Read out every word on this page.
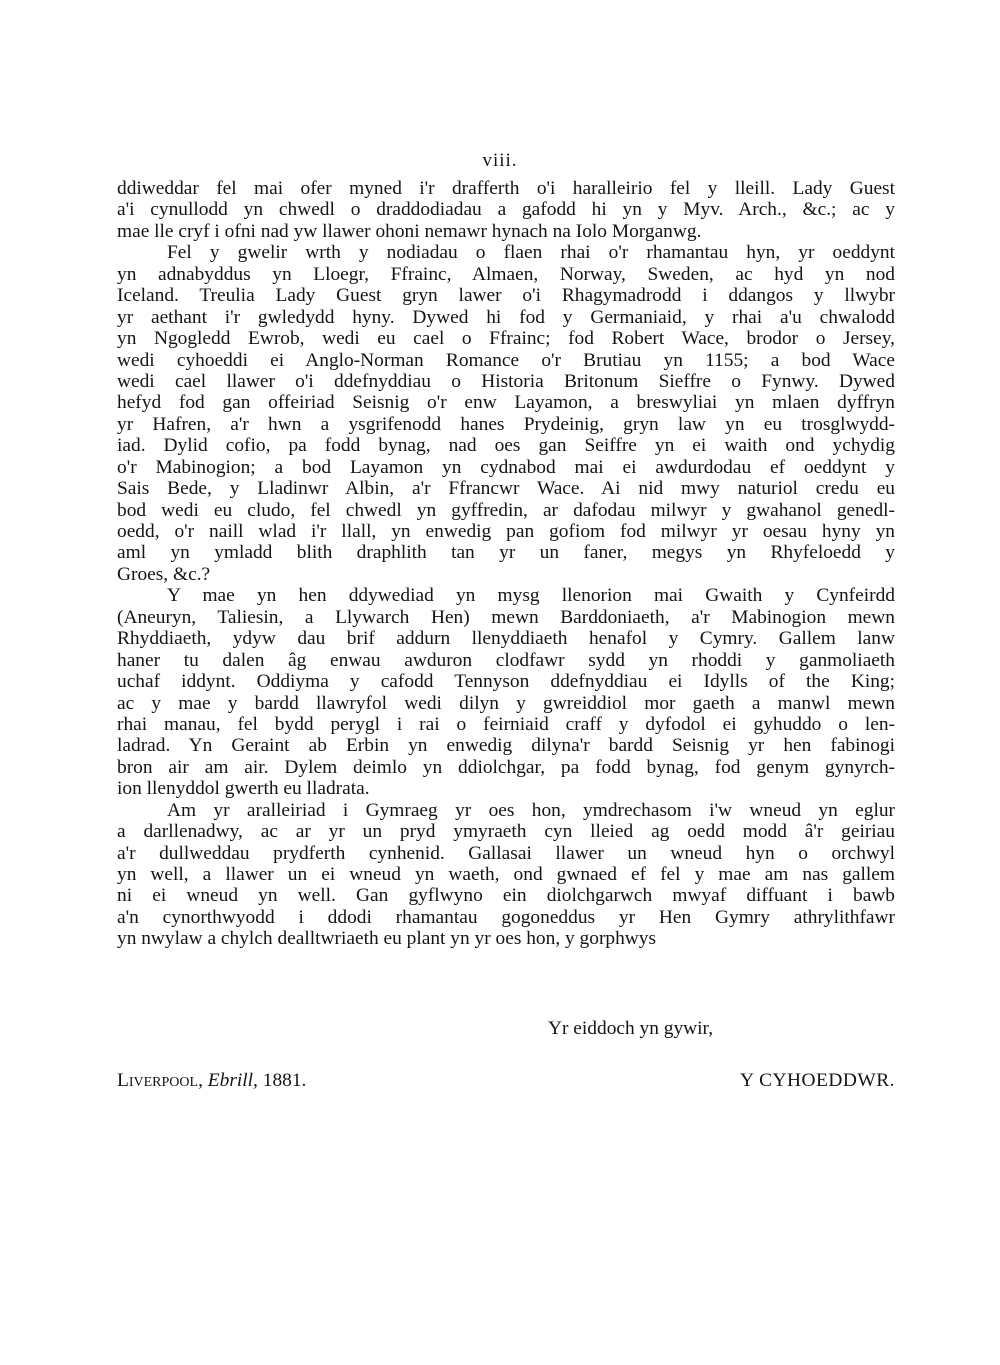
viii.
ddiweddar fel mai ofer myned i'r drafferth o'i haralleirio fel y lleill. Lady Guest
a'i cynullodd yn chwedl o draddodiadau a gafodd hi yn y Myv. Arch., &c.; ac y
mae lle cryf i ofni nad yw llawer ohoni nemawr hynach na Iolo Morganwg.
Fel y gwelir wrth y nodiadau o flaen rhai o'r rhamantau hyn, yr oeddynt
yn adnabyddus yn Lloegr, Ffrainc, Almaen, Norway, Sweden, ac hyd yn nod
Iceland. Treulia Lady Guest gryn lawer o'i Rhagymadrodd i ddangos y llwybr
yr aethant i'r gwledydd hyny. Dywed hi fod y Germaniaid, y rhai a'u chwalodd
yn Ngogledd Ewrob, wedi eu cael o Ffrainc; fod Robert Wace, brodor o Jersey,
wedi cyhoeddi ei Anglo-Norman Romance o'r Brutiau yn 1155; a bod Wace
wedi cael llawer o'i ddefnyddiau o Historia Britonum Sieffre o Fynwy. Dywed
hefyd fod gan offeiriad Seisnig o'r enw Layamon, a breswyliai yn mlaen dyffryn
yr Hafren, a'r hwn a ysgrifenodd hanes Prydeinig, gryn law yn eu trosglwydd-
iad. Dylid cofio, pa fodd bynag, nad oes gan Seiffre yn ei waith ond ychydig
o'r Mabinogion; a bod Layamon yn cydnabod mai ei awdurdodau ef oeddynt y
Sais Bede, y Lladinwr Albin, a'r Ffrancwr Wace. Ai nid mwy naturiol credu eu
bod wedi eu cludo, fel chwedl yn gyffredin, ar dafodau milwyr y gwahanol genedl-
oedd, o'r naill wlad i'r llall, yn enwedig pan gofiom fod milwyr yr oesau hyny yn
aml yn ymladd blith draphlith tan yr un faner, megys yn Rhyfeloedd y
Groes, &c.?
Y mae yn hen ddywediad yn mysg llenorion mai Gwaith y Cynfeirdd
(Aneuryn, Taliesin, a Llywarch Hen) mewn Barddoniaeth, a'r Mabinogion mewn
Rhyddiaeth, ydyw dau brif addurn llenyddiaeth henafol y Cymry. Gallem lanw
haner tu dalen âg enwau awduron clodfawr sydd yn rhoddi y ganmoliaeth
uchaf iddynt. Oddiyma y cafodd Tennyson ddefnyddiau ei Idylls of the King;
ac y mae y bardd llawryfol wedi dilyn y gwreiddiol mor gaeth a manwl mewn
rhai manau, fel bydd perygl i rai o feirniaid craff y dyfodol ei gyhuddo o len-
ladrad. Yn Geraint ab Erbin yn enwedig dilyna'r bardd Seisnig yr hen fabinogi
bron air am air. Dylem deimlo yn ddiolchgar, pa fodd bynag, fod genym gynyrch-
ion llenyddol gwerth eu lladrata.
Am yr aralleiriad i Gymraeg yr oes hon, ymdrechasom i'w wneud yn eglur
a darllenadwy, ac ar yr un pryd ymyraeth cyn lleied ag oedd modd â'r geiriau
a'r dullweddau prydferth cynhenid. Gallasai llawer un wneud hyn o orchwyl
yn well, a llawer un ei wneud yn waeth, ond gwnaed ef fel y mae am nas gallem
ni ei wneud yn well. Gan gyflwyno ein diolchgarwch mwyaf diffuant i bawb
a'n cynorthwyodd i ddodi rhamantau gogoneddus yr Hen Gymry athrylithfawr
yn nwylaw a chylch dealltwriaeth eu plant yn yr oes hon, y gorphwys
Yr eiddoch yn gywir,
Liverpool, Ebrill, 1881.	Y CYHOEDDWR.
